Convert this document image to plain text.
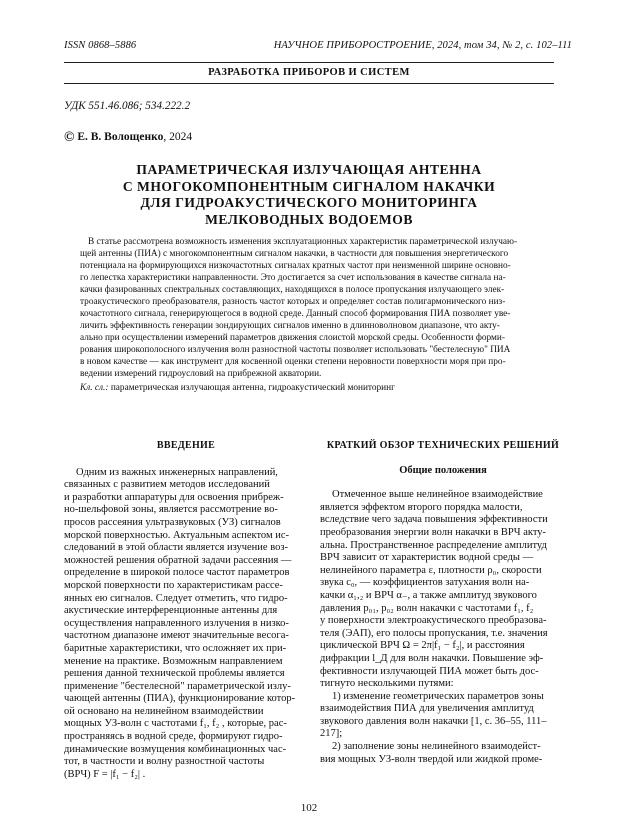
ISSN 0868–5886	НАУЧНОЕ ПРИБОРОСТРОЕНИЕ, 2024, том 34, № 2, с. 102–111
РАЗРАБОТКА ПРИБОРОВ И СИСТЕМ
УДК 551.46.086; 534.222.2
© Е. В. Волощенко, 2024
ПАРАМЕТРИЧЕСКАЯ ИЗЛУЧАЮЩАЯ АНТЕННА
С МНОГОКОМПОНЕНТНЫМ СИГНАЛОМ НАКАЧКИ
ДЛЯ ГИДРОАКУСТИЧЕСКОГО МОНИТОРИНГА
МЕЛКОВОДНЫХ ВОДОЕМОВ
В статье рассмотрена возможность изменения эксплуатационных характеристик параметрической излучаю-
щей антенны (ПИА) с многокомпонентным сигналом накачки, в частности для повышения энергетического
потенциала на формирующихся низкочастотных сигналах кратных частот при неизменной ширине основно-
го лепестка характеристики направленности. Это достигается за счет использования в качестве сигнала на-
качки фазированных спектральных составляющих, находящихся в полосе пропускания излучающего элек-
троакустического преобразователя, разность частот которых и определяет состав полигармонического низ-
кочастотного сигнала, генерирующегося в водной среде. Данный способ формирования ПИА позволяет уве-
личить эффективность генерации зондирующих сигналов именно в длинноволновом диапазоне, что акту-
ально при осуществлении измерений параметров движения слоистой морской среды. Особенности форми-
рования широкополосного излучения волн разностной частоты позволяет использовать "бестелесную" ПИА
в новом качестве — как инструмент для косвенной оценки степени неровности поверхности моря при про-
ведении измерений гидроусловий на прибрежной акватории.
Кл. сл.: параметрическая излучающая антенна, гидроакустический мониторинг
ВВЕДЕНИЕ
Одним из важных инженерных направлений,
связанных с развитием методов исследований
и разработки аппаратуры для освоения прибреж-
но-шельфовой зоны, является рассмотрение во-
просов рассеяния ультразвуковых (УЗ) сигналов
морской поверхностью. Актуальным аспектом ис-
следований в этой области является изучение воз-
можностей решения обратной задачи рассеяния —
определение в широкой полосе частот параметров
морской поверхности по характеристикам рассе-
янных ею сигналов. Следует отметить, что гидро-
акустические интерференционные антенны для
осуществления направленного излучения в низко-
частотном диапазоне имеют значительные весога-
баритные характеристики, что осложняет их при-
менение на практике. Возможным направлением
решения данной технической проблемы является
применение "бестелесной" параметрической излу-
чающей антенны (ПИА), функционирование котор-
ой основано на нелинейном взаимодействии
мощных УЗ-волн с частотами f₁, f₂ , которые, рас-
пространяясь в водной среде, формируют гидро-
динамические возмущения комбинационных час-
тот, в частности и волну разностной частоты
(ВРЧ) F = |f₁ − f₂| .
КРАТКИЙ ОБЗОР ТЕХНИЧЕСКИХ РЕШЕНИЙ
Общие положения
Отмеченное выше нелинейное взаимодействие
является эффектом второго порядка малости,
вследствие чего задача повышения эффективности
преобразования энергии волн накачки в ВРЧ акту-
альна. Пространственное распределение амплитуд
ВРЧ зависит от характеристик водной среды —
нелинейного параметра ε, плотности ρ₀, скорости
звука c₀, — коэффициентов затухания волн на-
качки α₁,₂ и ВРЧ α₋, а также амплитуд звукового
давления p₀₁, p₀₂ волн накачки с частотами f₁, f₂
у поверхности электроакустического преобразова-
теля (ЭАП), его полосы пропускания, т.е. значения
циклической ВРЧ Ω = 2π|f₁ − f₂|, и расстояния
дифракции l_Д для волн накачки. Повышение эф-
фективности излучающей ПИА может быть дос-
тигнуто несколькими путями:
1) изменение геометрических параметров зоны
взаимодействия ПИА для увеличения амплитуд
звукового давления волн накачки [1, с. 36–55, 111–
217];
2) заполнение зоны нелинейного взаимодейст-
вия мощных УЗ-волн твердой или жидкой проме-
102
